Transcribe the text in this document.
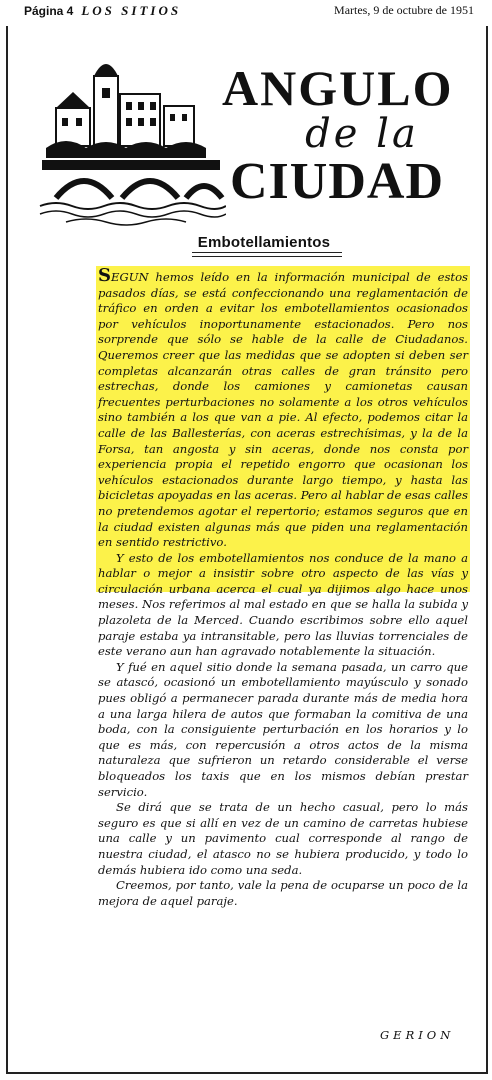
Página 4 LOS SITIOS	Martes, 9 de octubre de 1951
ANGULO
de la
CIUDAD
Embotellamientos

SEGUN hemos leído en la información municipal de estos pasados días, se está confeccionando una reglamentación de tráfico en orden a evitar los embotellamientos ocasionados por vehículos inoportunamente estacionados. Pero nos sorprende que sólo se hable de la calle de Ciudadanos. Queremos creer que las medidas que se adopten si deben ser completas alcanzarán otras calles de gran tránsito pero estrechas, donde los camiones y camionetas causan frecuentes perturbaciones no solamente a los otros vehículos sino también a los que van a pie. Al efecto, podemos citar la calle de las Ballesterías, con aceras estrechísimas, y la de la Forsa, tan angosta y sin aceras, donde nos consta por experiencia propia el repetido engorro que ocasionan los vehículos estacionados durante largo tiempo, y hasta las bicicletas apoyadas en las aceras. Pero al hablar de esas calles no pretendemos agotar el repertorio; estamos seguros que en la ciudad existen algunas más que piden una reglamentación en sentido restrictivo.

Y esto de los embotellamientos nos conduce de la mano a hablar o mejor a insistir sobre otro aspecto de las vías y circulación urbana acerca el cual ya dijimos algo hace unos meses. Nos referimos al mal estado en que se halla la subida y plazoleta de la Merced. Cuando escribimos sobre ello aquel paraje estaba ya intransitable, pero las lluvias torrenciales de este verano aun han agravado notablemente la situación.

Y fué en aquel sitio donde la semana pasada, un carro que se atascó, ocasionó un embotellamiento mayúsculo y sonado pues obligó a permanecer parada durante más de media hora a una larga hilera de autos que formaban la comitiva de una boda, con la consiguiente perturbación en los horarios y lo que es más, con repercusión a otros actos de la misma naturaleza que sufrieron un retardo considerable el verse bloqueados los taxis que en los mismos debían prestar servicio.

Se dirá que se trata de un hecho casual, pero lo más seguro es que si allí en vez de un camino de carretas hubiese una calle y un pavimento cual corresponde al rango de nuestra ciudad, el atasco no se hubiera producido, y todo lo demás hubiera ido como una seda.

Creemos, por tanto, vale la pena de ocuparse un poco de la mejora de aquel paraje.

GERION
